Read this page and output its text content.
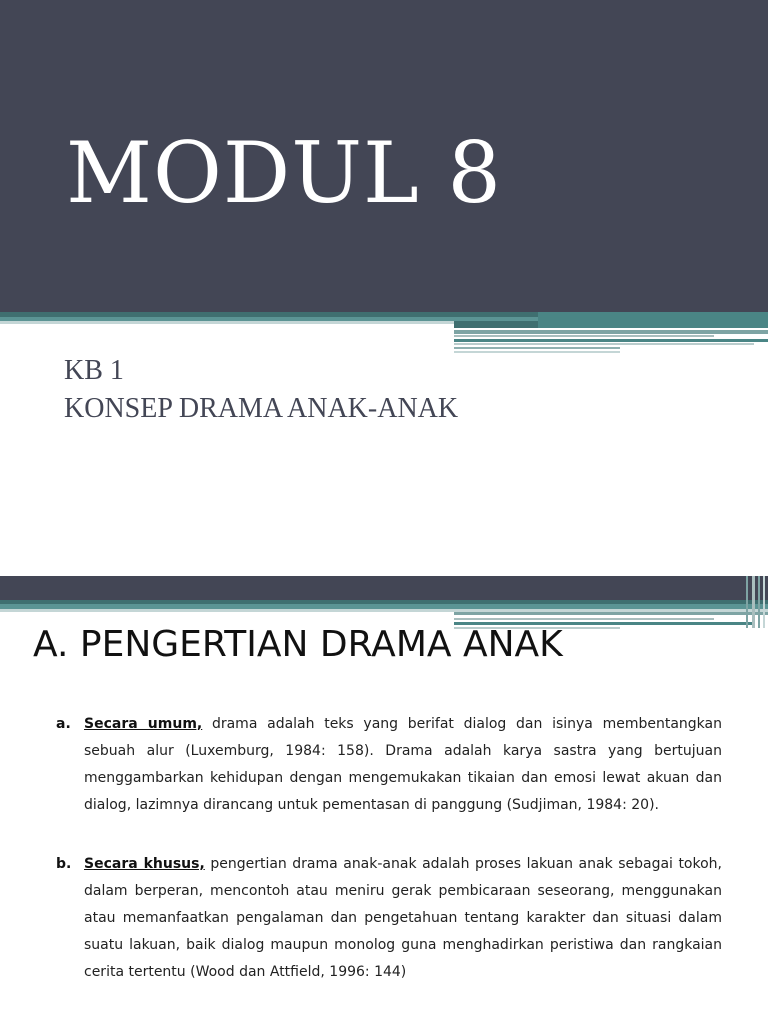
MODUL 8
KB 1
KONSEP DRAMA ANAK-ANAK
A. PENGERTIAN DRAMA ANAK
a. Secara umum, drama adalah teks yang berifat dialog dan isinya membentangkan sebuah alur (Luxemburg, 1984: 158). Drama adalah karya sastra yang bertujuan menggambarkan kehidupan dengan mengemukakan tikaian dan emosi lewat akuan dan dialog, lazimnya dirancang untuk pementasan di panggung (Sudjiman, 1984: 20).
b. Secara khusus, pengertian drama anak-anak adalah proses lakuan anak sebagai tokoh, dalam berperan, mencontoh atau meniru gerak pembicaraan seseorang, menggunakan atau memanfaatkan pengalaman dan pengetahuan tentang karakter dan situasi dalam suatu lakuan, baik dialog maupun monolog guna menghadirkan peristiwa dan rangkaian cerita tertentu (Wood dan Attfield, 1996: 144)
